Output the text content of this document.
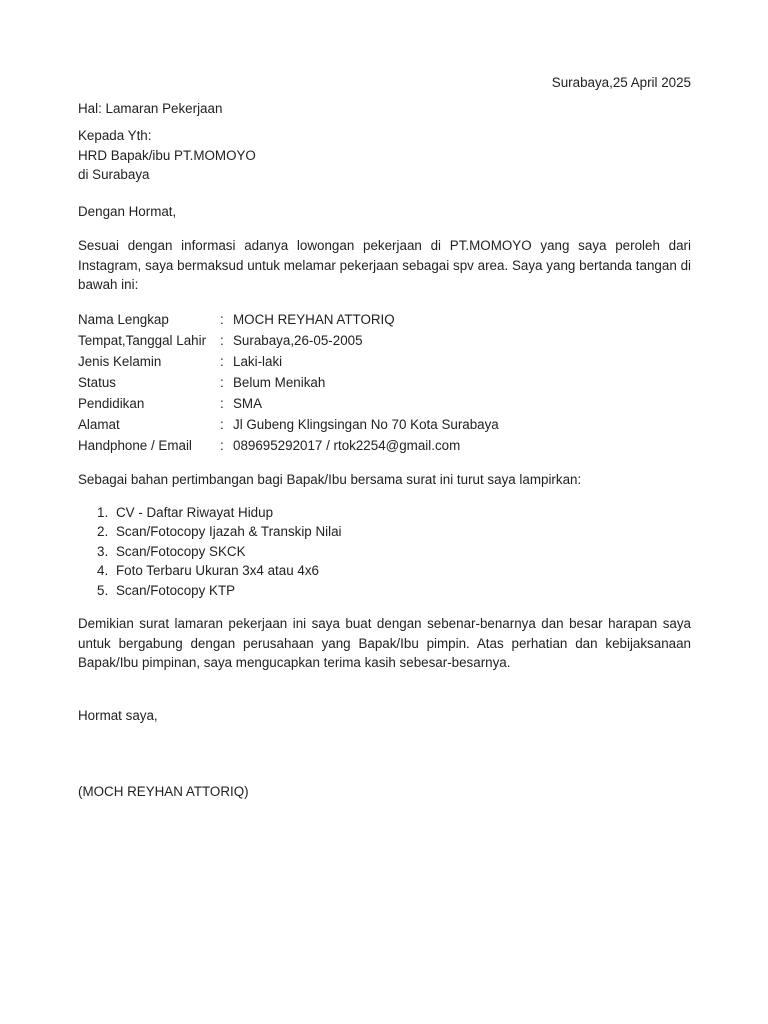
Surabaya,25 April 2025
Hal: Lamaran Pekerjaan
Kepada Yth:
HRD Bapak/ibu PT.MOMOYO
di Surabaya
Dengan Hormat,
Sesuai dengan informasi adanya lowongan pekerjaan di PT.MOMOYO yang saya peroleh dari Instagram, saya bermaksud untuk melamar pekerjaan sebagai spv area. Saya yang bertanda tangan di bawah ini:
Nama Lengkap	:	MOCH REYHAN ATTORIQ
Tempat,Tanggal Lahir	:	Surabaya,26-05-2005
Jenis Kelamin	:	Laki-laki
Status	:	Belum Menikah
Pendidikan	:	SMA
Alamat	:	Jl Gubeng Klingsingan No 70 Kota Surabaya
Handphone / Email	:	089695292017 / rtok2254@gmail.com
Sebagai bahan pertimbangan bagi Bapak/Ibu bersama surat ini turut saya lampirkan:
1. CV - Daftar Riwayat Hidup
2. Scan/Fotocopy Ijazah & Transkip Nilai
3. Scan/Fotocopy SKCK
4. Foto Terbaru Ukuran 3x4 atau 4x6
5. Scan/Fotocopy KTP
Demikian surat lamaran pekerjaan ini saya buat dengan sebenar-benarnya dan besar harapan saya untuk bergabung dengan perusahaan yang Bapak/Ibu pimpin. Atas perhatian dan kebijaksanaan Bapak/Ibu pimpinan, saya mengucapkan terima kasih sebesar-besarnya.
Hormat saya,
(MOCH REYHAN ATTORIQ)
